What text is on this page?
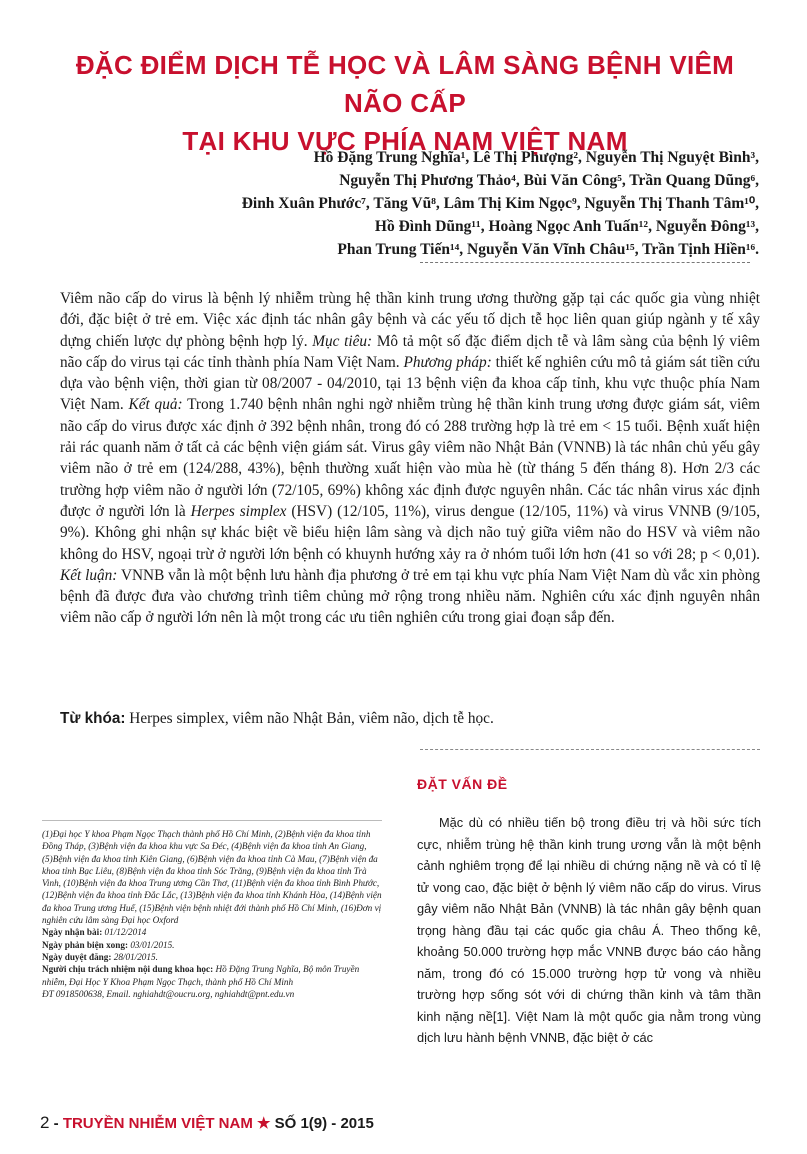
ĐẶC ĐIỂM DỊCH TỄ HỌC VÀ LÂM SÀNG BỆNH VIÊM NÃO CẤP
TẠI KHU VỰC PHÍA NAM VIỆT NAM
Hồ Đặng Trung Nghĩa¹, Lê Thị Phượng², Nguyễn Thị Nguyệt Bình³,
Nguyễn Thị Phương Thảo⁴, Bùi Văn Công⁵, Trần Quang Dũng⁶,
Đinh Xuân Phước⁷, Tăng Vũ⁸, Lâm Thị Kim Ngọc⁹, Nguyễn Thị Thanh Tâm¹⁰,
Hồ Đình Dũng¹¹, Hoàng Ngọc Anh Tuấn¹², Nguyễn Đông¹³,
Phan Trung Tiến¹⁴, Nguyễn Văn Vĩnh Châu¹⁵, Trần Tịnh Hiền¹⁶.

Viêm não cấp do virus là bệnh lý nhiễm trùng hệ thần kinh trung ương thường gặp tại các quốc gia vùng nhiệt đới, đặc biệt ở trẻ em. Việc xác định tác nhân gây bệnh và các yếu tố dịch tễ học liên quan giúp ngành y tế xây dựng chiến lược dự phòng bệnh hợp lý. Mục tiêu: Mô tả một số đặc điểm dịch tễ và lâm sàng của bệnh lý viêm não cấp do virus tại các tỉnh thành phía Nam Việt Nam. Phương pháp: thiết kế nghiên cứu mô tả giám sát tiền cứu dựa vào bệnh viện, thời gian từ 08/2007 - 04/2010, tại 13 bệnh viện đa khoa cấp tỉnh, khu vực thuộc phía Nam Việt Nam. Kết quả: Trong 1.740 bệnh nhân nghi ngờ nhiễm trùng hệ thần kinh trung ương được giám sát, viêm não cấp do virus được xác định ở 392 bệnh nhân, trong đó có 288 trường hợp là trẻ em < 15 tuổi. Bệnh xuất hiện rải rác quanh năm ở tất cả các bệnh viện giám sát. Virus gây viêm não Nhật Bản (VNNB) là tác nhân chủ yếu gây viêm não ở trẻ em (124/288, 43%), bệnh thường xuất hiện vào mùa hè (từ tháng 5 đến tháng 8). Hơn 2/3 các trường hợp viêm não ở người lớn (72/105, 69%) không xác định được nguyên nhân. Các tác nhân virus xác định được ở người lớn là Herpes simplex (HSV) (12/105, 11%), virus dengue (12/105, 11%) và virus VNNB (9/105, 9%). Không ghi nhận sự khác biệt về biểu hiện lâm sàng và dịch não tuỷ giữa viêm não do HSV và viêm não không do HSV, ngoại trừ ở người lớn bệnh có khuynh hướng xảy ra ở nhóm tuổi lớn hơn (41 so với 28; p < 0,01). Kết luận: VNNB vẫn là một bệnh lưu hành địa phương ở trẻ em tại khu vực phía Nam Việt Nam dù vắc xin phòng bệnh đã được đưa vào chương trình tiêm chủng mở rộng trong nhiều năm. Nghiên cứu xác định nguyên nhân viêm não cấp ở người lớn nên là một trong các ưu tiên nghiên cứu trong giai đoạn sắp đến.

Từ khóa: Herpes simplex, viêm não Nhật Bản, viêm não, dịch tễ học.
ĐẶT VẤN ĐỀ
Mặc dù có nhiều tiến bộ trong điều trị và hồi sức tích cực, nhiễm trùng hệ thần kinh trung ương vẫn là một bệnh cảnh nghiêm trọng để lại nhiều di chứng nặng nề và có tỉ lệ tử vong cao, đặc biệt ở bệnh lý viêm não cấp do virus. Virus gây viêm não Nhật Bản (VNNB) là tác nhân gây bệnh quan trọng hàng đầu tại các quốc gia châu Á. Theo thống kê, khoảng 50.000 trường hợp mắc VNNB được báo cáo hằng năm, trong đó có 15.000 trường hợp tử vong và nhiều trường hợp sống sót với di chứng thần kinh và tâm thần kinh nặng nề[1]. Việt Nam là một quốc gia nằm trong vùng dịch lưu hành bệnh VNNB, đặc biệt ở các

(1)Đại học Y khoa Phạm Ngọc Thạch thành phố Hồ Chí Minh, (2)Bệnh viện đa khoa tỉnh Đồng Tháp, (3)Bệnh viện đa khoa khu vực Sa Đéc, (4)Bệnh viện đa khoa tỉnh An Giang, (5)Bệnh viện đa khoa tỉnh Kiên Giang, (6)Bệnh viện đa khoa tỉnh Cà Mau, (7)Bệnh viện đa khoa tỉnh Bạc Liêu, (8)Bệnh viện đa khoa tỉnh Sóc Trăng, (9)Bệnh viện đa khoa tỉnh Trà Vinh, (10)Bệnh viện đa khoa Trung ương Cần Thơ, (11)Bệnh viện đa khoa tỉnh Bình Phước, (12)Bệnh viện đa khoa tỉnh Đắc Lắc, (13)Bệnh viện đa khoa tỉnh Khánh Hòa, (14)Bệnh viện đa khoa Trung ương Huế, (15)Bệnh viện bệnh nhiệt đới thành phố Hồ Chí Minh, (16)Đơn vị nghiên cứu lâm sàng Đại học Oxford

Ngày nhận bài: 01/12/2014

Ngày phản biện xong: 03/01/2015.

Ngày duyệt đăng: 28/01/2015.

Người chịu trách nhiệm nội dung khoa học: Hồ Đặng Trung Nghĩa, Bộ môn Truyền nhiễm, Đại Học Y Khoa Phạm Ngọc Thạch, thành phố Hồ Chí Minh

ĐT 0918500638, Email. nghiahdt@oucru.org, nghiahdt@pnt.edu.vn

2 - TRUYỀN NHIỄM VIỆT NAM ★ SỐ 1(9) - 2015
